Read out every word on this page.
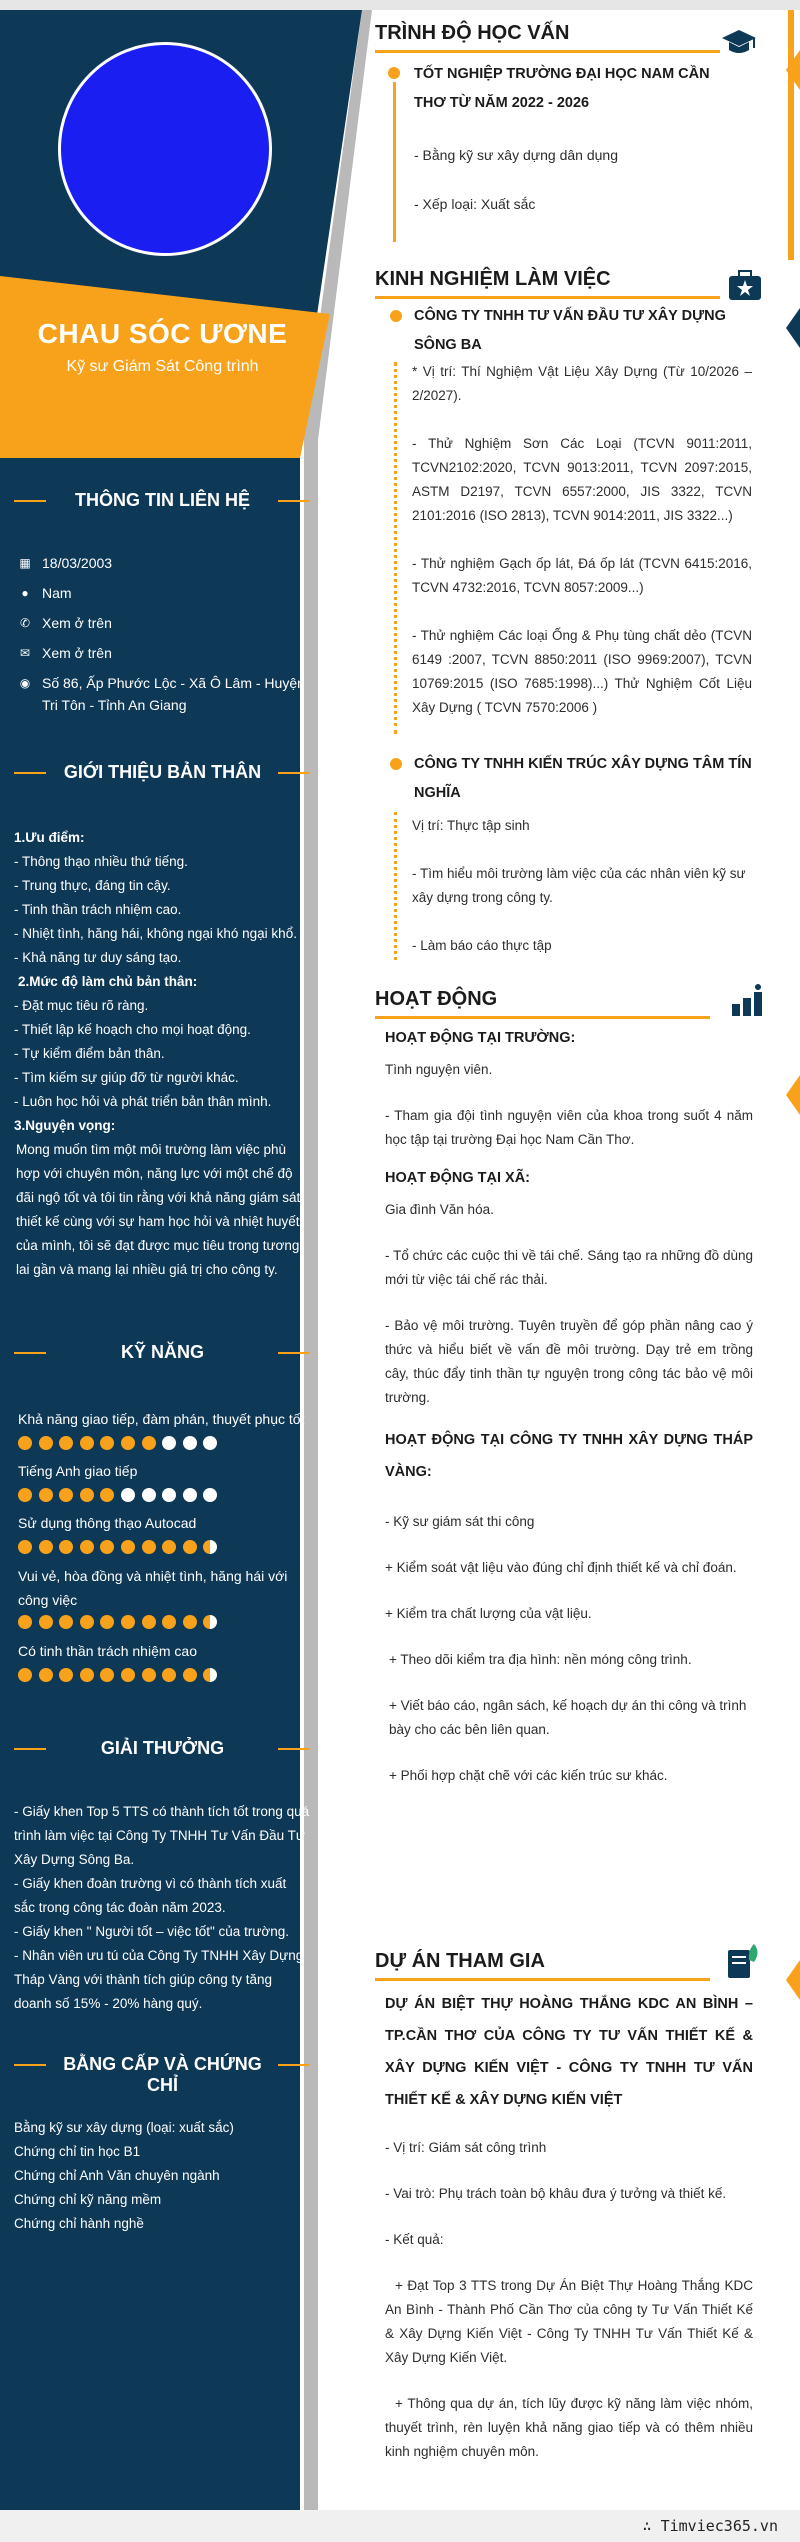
CHAU SÓC ƯƠNE
Kỹ sư Giám Sát Công trình
THÔNG TIN LIÊN HỆ
▦ 18/03/2003
● Nam
✆ Xem ở trên
✉ Xem ở trên
◉ Số 86, Ấp Phước Lộc - Xã Ô Lâm - Huyện Tri Tôn - Tỉnh An Giang
GIỚI THIỆU BẢN THÂN
1.Ưu điểm:
- Thông thạo nhiều thứ tiếng.
- Trung thực, đáng tin cậy.
- Tinh thần trách nhiệm cao.
- Nhiệt tình, hăng hái, không ngại khó ngại khổ.
- Khả năng tư duy sáng tạo.
2.Mức độ làm chủ bản thân:
- Đặt mục tiêu rõ ràng.
- Thiết lập kế hoạch cho mọi hoạt động.
- Tự kiểm điểm bản thân.
- Tìm kiếm sự giúp đỡ từ người khác.
- Luôn học hỏi và phát triển bản thân mình.
3.Nguyện vọng:
Mong muốn tìm một môi trường làm việc phù hợp với chuyên môn, năng lực với một chế độ đãi ngộ tốt và tôi tin rằng với khả năng giám sát, thiết kế cùng với sự ham học hỏi và nhiệt huyết của mình, tôi sẽ đạt được mục tiêu trong tương lai gần và mang lại nhiều giá trị cho công ty.
KỸ NĂNG
Khả năng giao tiếp, đàm phán, thuyết phục tốt
Tiếng Anh giao tiếp
Sử dụng thông thạo Autocad
Vui vẻ, hòa đồng và nhiệt tình, hăng hái với công việc
Có tinh thần trách nhiệm cao
GIẢI THƯỞNG
- Giấy khen Top 5 TTS có thành tích tốt trong quá trình làm việc tại Công Ty TNHH Tư Vấn Đầu Tư Xây Dựng Sông Ba.
- Giấy khen đoàn trường vì có thành tích xuất sắc trong công tác đoàn năm 2023.
- Giấy khen " Người tốt – việc tốt" của trường.
- Nhân viên ưu tú của Công Ty TNHH Xây Dựng Tháp Vàng với thành tích giúp công ty tăng doanh số 15% - 20% hàng quý.
BẰNG CẤP VÀ CHỨNG CHỈ
Bằng kỹ sư xây dựng (loại: xuất sắc)
Chứng chỉ tin học B1
Chứng chỉ Anh Văn chuyên ngành
Chứng chỉ kỹ năng mềm
Chứng chỉ hành nghề
TRÌNH ĐỘ HỌC VẤN
TỐT NGHIỆP TRƯỜNG ĐẠI HỌC NAM CẦN THƠ TỪ NĂM 2022 - 2026
- Bằng kỹ sư xây dựng dân dụng
- Xếp loại: Xuất sắc
KINH NGHIỆM LÀM VIỆC
CÔNG TY TNHH TƯ VẤN ĐẦU TƯ XÂY DỰNG SÔNG BA
* Vị trí: Thí Nghiệm Vật Liệu Xây Dựng (Từ 10/2026 – 2/2027).
- Thử Nghiệm Sơn Các Loại (TCVN 9011:2011, TCVN2102:2020, TCVN 9013:2011, TCVN 2097:2015, ASTM D2197, TCVN 6557:2000, JIS 3322, TCVN 2101:2016 (ISO 2813), TCVN 9014:2011, JIS 3322...)
- Thử nghiệm Gạch ốp lát, Đá ốp lát (TCVN 6415:2016, TCVN 4732:2016, TCVN 8057:2009...)
- Thử nghiệm Các loại Ống & Phụ tùng chất dẻo (TCVN 6149 :2007, TCVN 8850:2011 (ISO 9969:2007), TCVN 10769:2015 (ISO 7685:1998)...) Thử Nghiệm Cốt Liệu Xây Dựng ( TCVN 7570:2006 )
CÔNG TY TNHH KIẾN TRÚC XÂY DỰNG TÂM TÍN NGHĨA
Vị trí: Thực tập sinh
- Tìm hiểu môi trường làm việc của các nhân viên kỹ sư xây dựng trong công ty.
- Làm báo cáo thực tập
HOẠT ĐỘNG
HOẠT ĐỘNG TẠI TRƯỜNG:
Tình nguyện viên.
- Tham gia đội tình nguyện viên của khoa trong suốt 4 năm học tập tại trường Đại học Nam Cần Thơ.
HOẠT ĐỘNG TẠI XÃ:
Gia đình Văn hóa.
- Tổ chức các cuộc thi về tái chế. Sáng tạo ra những đồ dùng mới từ việc tái chế rác thải.
- Bảo vệ môi trường. Tuyên truyền để góp phần nâng cao ý thức và hiểu biết về vấn đề môi trường. Dạy trẻ em trồng cây, thúc đẩy tinh thần tự nguyện trong công tác bảo vệ môi trường.
HOẠT ĐỘNG TẠI CÔNG TY TNHH XÂY DỰNG THÁP VÀNG:
- Kỹ sư giám sát thi công
+ Kiểm soát vật liệu vào đúng chỉ định thiết kế và chỉ đoán.
+ Kiểm tra chất lượng của vật liệu.
+ Theo dõi kiểm tra địa hình: nền móng công trình.
+ Viết báo cáo, ngân sách, kế hoạch dự án thi công và trình bày cho các bên liên quan.
+ Phối hợp chặt chẽ với các kiến trúc sư khác.
DỰ ÁN THAM GIA
DỰ ÁN BIỆT THỰ HOÀNG THẮNG KDC AN BÌNH – TP.CẦN THƠ CỦA CÔNG TY TƯ VẤN THIẾT KẾ & XÂY DỰNG KIẾN VIỆT - CÔNG TY TNHH TƯ VẤN THIẾT KẾ & XÂY DỰNG KIẾN VIỆT
- Vị trí: Giám sát công trình
- Vai trò: Phụ trách toàn bộ khâu đưa ý tưởng và thiết kế.
- Kết quả:
+ Đạt Top 3 TTS trong Dự Án Biệt Thự Hoàng Thắng KDC An Bình - Thành Phố Cần Thơ của công ty Tư Vấn Thiết Kế & Xây Dựng Kiến Việt - Công Ty TNHH Tư Vấn Thiết Kế & Xây Dựng Kiến Việt.
+ Thông qua dự án, tích lũy được kỹ năng làm việc nhóm, thuyết trình, rèn luyện khả năng giao tiếp và có thêm nhiều kinh nghiệm chuyên môn.
∴ Timviec365.vn
